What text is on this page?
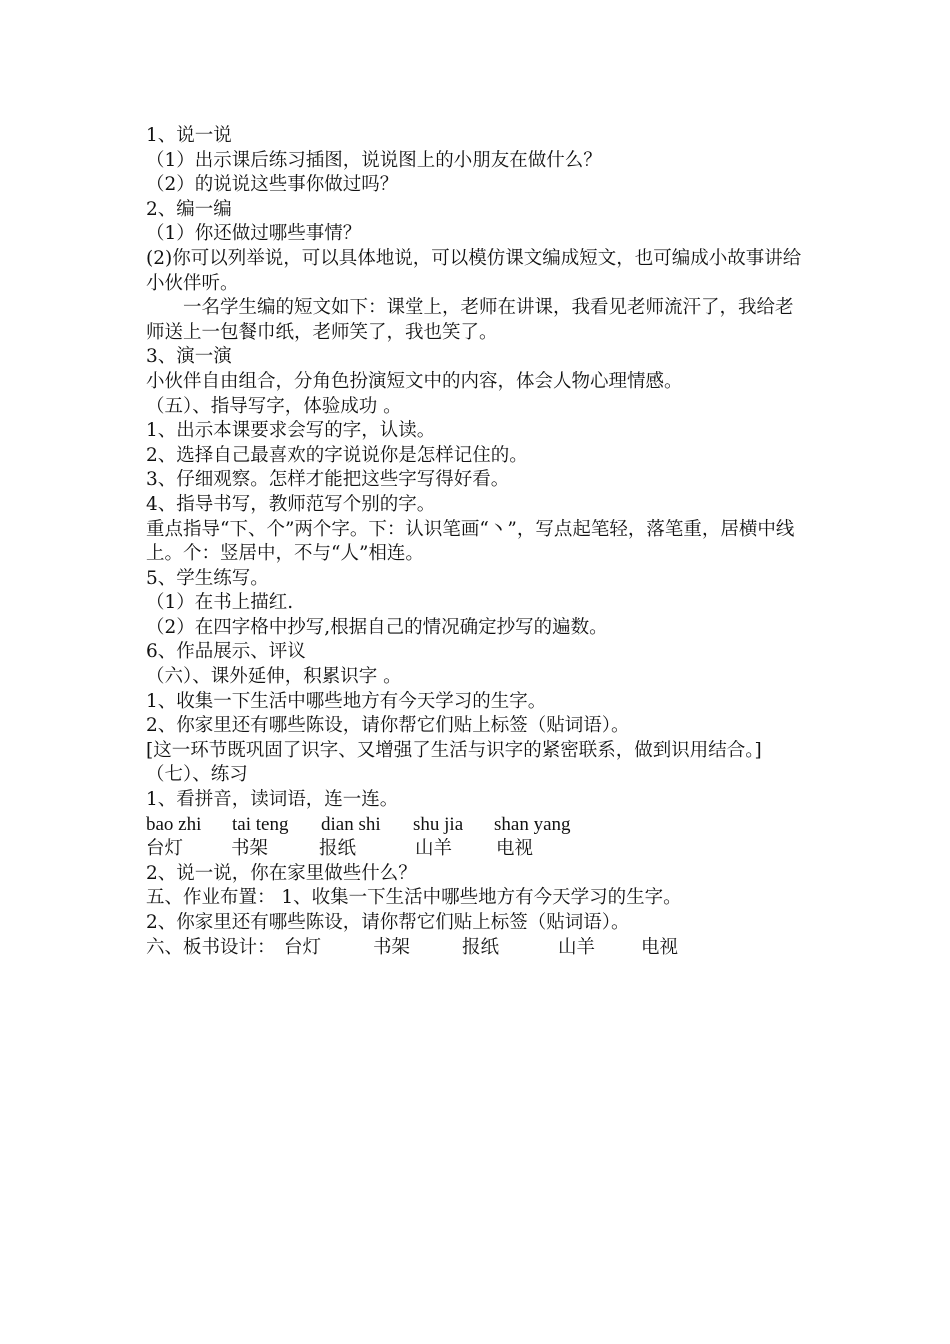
1、说一说

（1）出示课后练习插图，说说图上的小朋友在做什么？

（2）的说说这些事你做过吗？

2、编一编

（1）你还做过哪些事情？

(2)你可以列举说，可以具体地说，可以模仿课文编成短文，也可编成小故事讲给小伙伴听。

　　一名学生编的短文如下：课堂上，老师在讲课，我看见老师流汗了，我给老师送上一包餐巾纸，老师笑了，我也笑了。

3、演一演

小伙伴自由组合，分角色扮演短文中的内容，体会人物心理情感。

（五）、指导写字，体验成功 。

1、出示本课要求会写的字，认读。

2、选择自己最喜欢的字说说你是怎样记住的。

3、仔细观察。怎样才能把这些字写得好看。

4、指导书写，教师范写个别的字。

重点指导“下、个”两个字。下：认识笔画“丶”，写点起笔轻，落笔重，居横中线上。个：竖居中，不与“人”相连。

5、学生练写。

（1）在书上描红.

（2）在四字格中抄写,根据自己的情况确定抄写的遍数。

6、作品展示、评议

（六）、课外延伸，积累识字 。

1、收集一下生活中哪些地方有今天学习的生字。

2、你家里还有哪些陈设，请你帮它们贴上标签（贴词语）。

[这一环节既巩固了识字、又增强了生活与识字的紧密联系，做到识用结合。]

（七）、练习

1、看拼音，读词语，连一连。

bao zhi tai teng dian shi shu jia shan yang

台灯	书架	报纸	山羊 电视

2、说一说，你在家里做些什么？

五、作业布置： 1、收集一下生活中哪些地方有今天学习的生字。

2、你家里还有哪些陈设，请你帮它们贴上标签（贴词语）。

六、板书设计： 台灯	书架	报纸	山羊 电视
